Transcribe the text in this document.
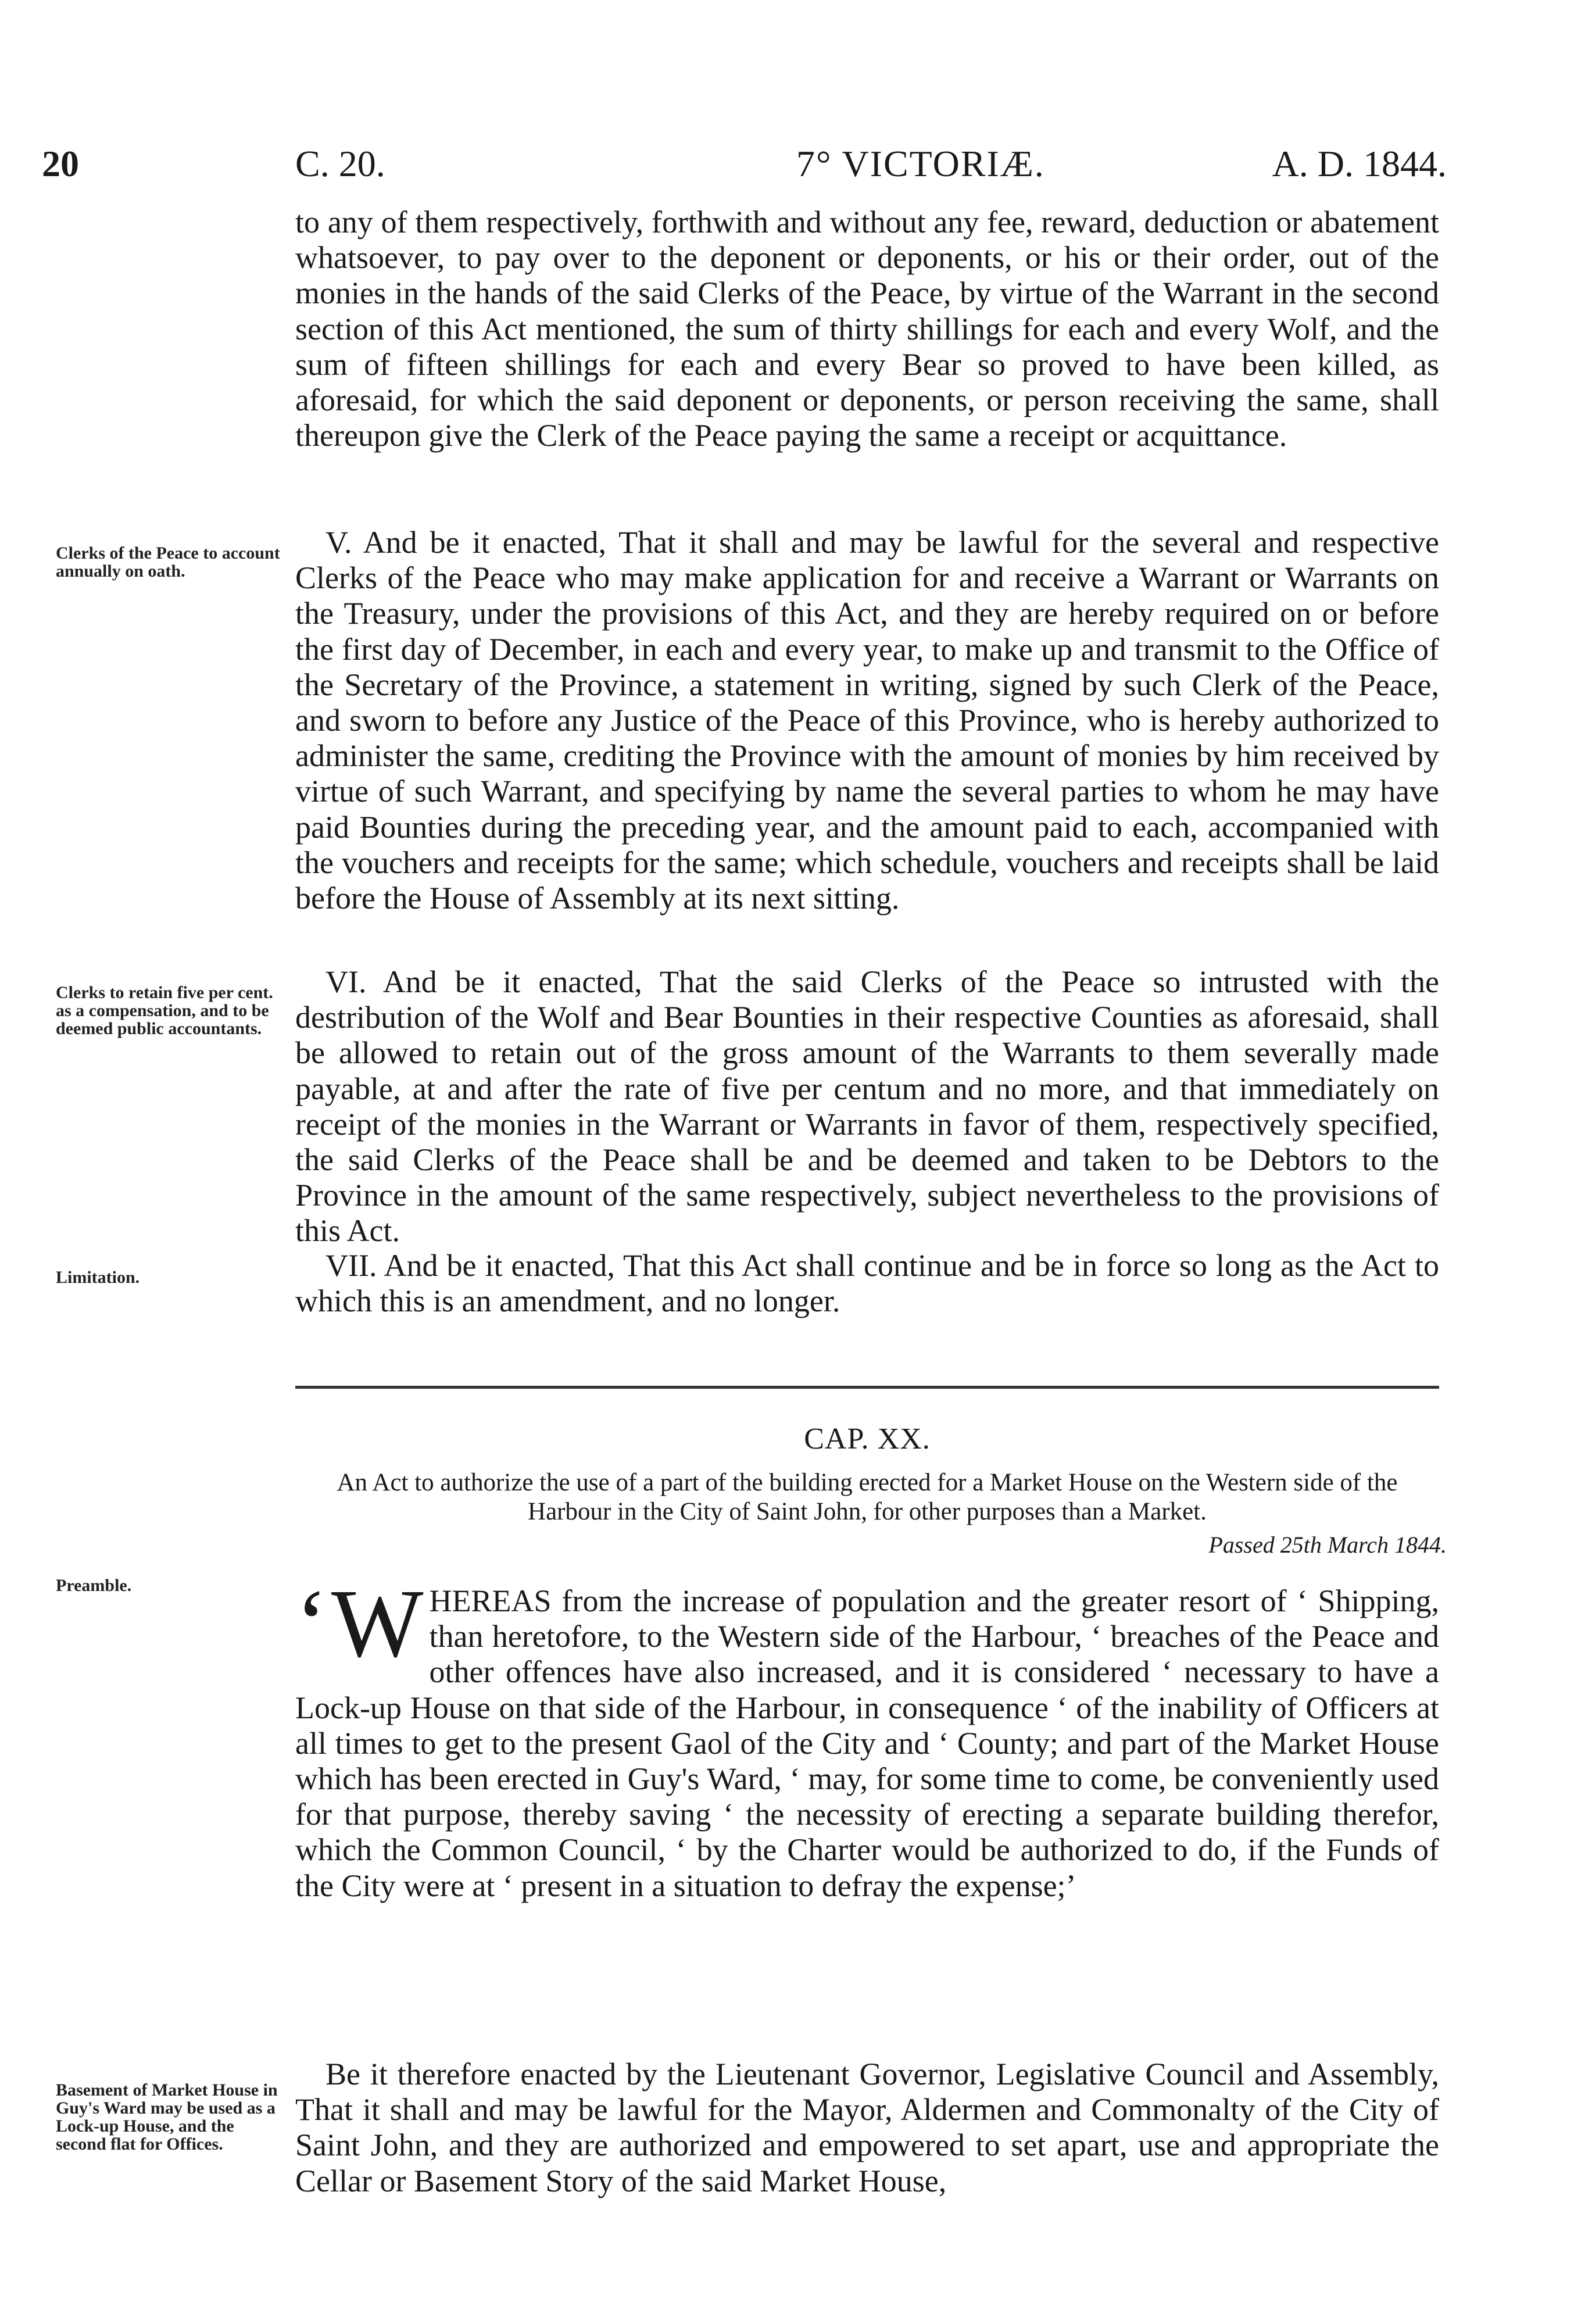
20	C. 20.	7° VICTORIÆ.	A. D. 1844.

to any of them respectively, forthwith and without any fee, reward, deduction or abatement whatsoever, to pay over to the deponent or deponents, or his or their order, out of the monies in the hands of the said Clerks of the Peace, by virtue of the Warrant in the second section of this Act mentioned, the sum of thirty shillings for each and every Wolf, and the sum of fifteen shillings for each and every Bear so proved to have been killed, as aforesaid, for which the said deponent or deponents, or person receiving the same, shall thereupon give the Clerk of the Peace paying the same a receipt or acquittance.

Clerks of the Peace to account annually on oath.

V. And be it enacted, That it shall and may be lawful for the several and respective Clerks of the Peace who may make application for and receive a Warrant or Warrants on the Treasury, under the provisions of this Act, and they are hereby required on or before the first day of December, in each and every year, to make up and transmit to the Office of the Secretary of the Province, a statement in writing, signed by such Clerk of the Peace, and sworn to before any Justice of the Peace of this Province, who is hereby authorized to administer the same, crediting the Province with the amount of monies by him received by virtue of such Warrant, and specifying by name the several parties to whom he may have paid Bounties during the preceding year, and the amount paid to each, accompanied with the vouchers and receipts for the same; which schedule, vouchers and receipts shall be laid before the House of Assembly at its next sitting.

Clerks to retain five per cent. as a compensation, and to be deemed public accountants.

VI. And be it enacted, That the said Clerks of the Peace so intrusted with the destribution of the Wolf and Bear Bounties in their respective Counties as aforesaid, shall be allowed to retain out of the gross amount of the Warrants to them severally made payable, at and after the rate of five per centum and no more, and that immediately on receipt of the monies in the Warrant or Warrants in favor of them, respectively specified, the said Clerks of the Peace shall be and be deemed and taken to be Debtors to the Province in the amount of the same respectively, subject nevertheless to the provisions of this Act.

Limitation.	VII. And be it enacted, That this Act shall continue and be in force so long as the Act to which this is an amendment, and no longer.

CAP. XX.
An Act to authorize the use of a part of the building erected for a Market House on the Western side of the Harbour in the City of Saint John, for other purposes than a Market.
Passed 25th March 1844.
Preamble.	‘W HEREAS from the increase of population and the greater resort of ‘ Shipping, than heretofore, to the Western side of the Harbour, ‘ breaches of the Peace and other offences have also increased, and it is considered ‘ necessary to have a Lock-up House on that side of the Harbour, in consequence ‘ of the inability of Officers at all times to get to the present Gaol of the City and ‘ County; and part of the Market House which has been erected in Guy's Ward, ‘ may, for some time to come, be conveniently used for that purpose, thereby saving ‘ the necessity of erecting a separate building therefor, which the Common Council, ‘ by the Charter would be authorized to do, if the Funds of the City were at ‘ present in a situation to defray the expense;’

Basement of Market House in Guy's Ward may be used as a Lock-up House, and the second flat for Offices.

Be it therefore enacted by the Lieutenant Governor, Legislative Council and Assembly, That it shall and may be lawful for the Mayor, Aldermen and Commonalty of the City of Saint John, and they are authorized and empowered to set apart, use and appropriate the Cellar or Basement Story of the said Market House,
